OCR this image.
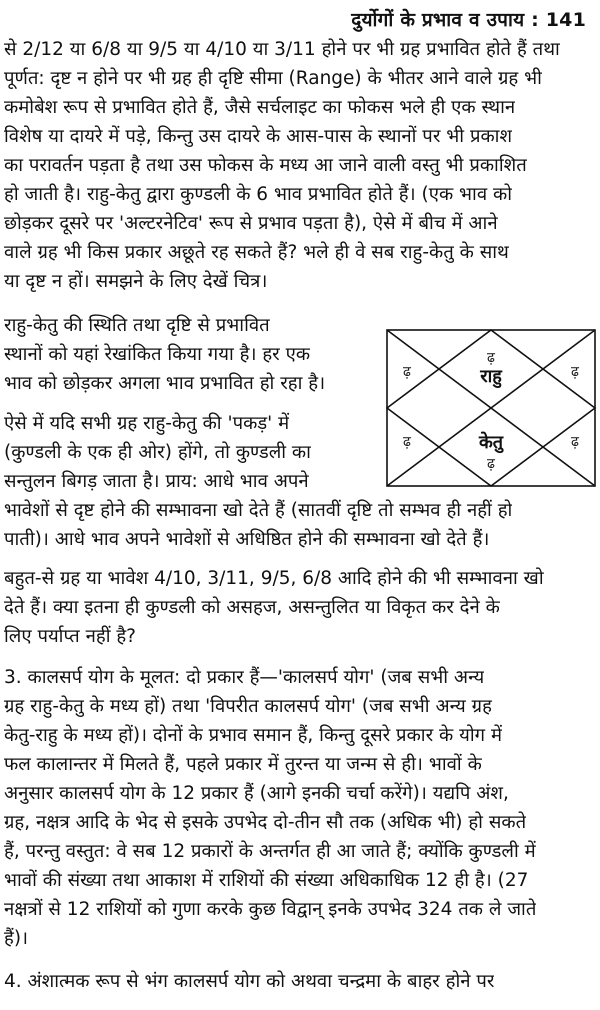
दुर्योगों के प्रभाव व उपाय : 141
से 2/12 या 6/8 या 9/5 या 4/10 या 3/11 होने पर भी ग्रह प्रभावित होते हैं तथा
पूर्णत: दृष्ट न होने पर भी ग्रह ही दृष्टि सीमा (Range) के भीतर आने वाले ग्रह भी
कमोबेश रूप से प्रभावित होते हैं, जैसे सर्चलाइट का फोकस भले ही एक स्थान
विशेष या दायरे में पड़े, किन्तु उस दायरे के आस-पास के स्थानों पर भी प्रकाश
का परावर्तन पड़ता है तथा उस फोकस के मध्य आ जाने वाली वस्तु भी प्रकाशित
हो जाती है। राहु-केतु द्वारा कुण्डली के 6 भाव प्रभावित होते हैं। (एक भाव को
छोड़कर दूसरे पर 'अल्टरनेटिव' रूप से प्रभाव पड़ता है), ऐसे में बीच में आने
वाले ग्रह भी किस प्रकार अछूते रह सकते हैं? भले ही वे सब राहु-केतु के साथ
या दृष्ट न हों। समझने के लिए देखें चित्र।
राहु-केतु की स्थिति तथा दृष्टि से प्रभावित
स्थानों को यहां रेखांकित किया गया है। हर एक
भाव को छोड़कर अगला भाव प्रभावित हो रहा है।
ऐसे में यदि सभी ग्रह राहु-केतु की 'पकड़' में
(कुण्डली के एक ही ओर) होंगे, तो कुण्डली का
सन्तुलन बिगड़ जाता है। प्राय: आधे भाव अपने
भावेशों से दृष्ट होने की सम्भावना खो देते हैं (सातवीं दृष्टि तो सम्भव ही नहीं हो
पाती)। आधे भाव अपने भावेशों से अधिष्ठित होने की सम्भावना खो देते हैं।
बहुत-से ग्रह या भावेश 4/10, 3/11, 9/5, 6/8 आदि होने की भी सम्भावना खो
देते हैं। क्या इतना ही कुण्डली को असहज, असन्तुलित या विकृत कर देने के
लिए पर्याप्त नहीं है?
3. कालसर्प योग के मूलत: दो प्रकार हैं—'कालसर्प योग' (जब सभी अन्य
ग्रह राहु-केतु के मध्य हों) तथा 'विपरीत कालसर्प योग' (जब सभी अन्य ग्रह
केतु-राहु के मध्य हों)। दोनों के प्रभाव समान हैं, किन्तु दूसरे प्रकार के योग में
फल कालान्तर में मिलते हैं, पहले प्रकार में तुरन्त या जन्म से ही। भावों के
अनुसार कालसर्प योग के 12 प्रकार हैं (आगे इनकी चर्चा करेंगे)। यद्यपि अंश,
ग्रह, नक्षत्र आदि के भेद से इसके उपभेद दो-तीन सौ तक (अधिक भी) हो सकते
हैं, परन्तु वस्तुत: वे सब 12 प्रकारों के अन्तर्गत ही आ जाते हैं; क्योंकि कुण्डली में
भावों की संख्या तथा आकाश में राशियों की संख्या अधिकाधिक 12 ही है। (27
नक्षत्रों से 12 राशियों को गुणा करके कुछ विद्वान् इनके उपभेद 324 तक ले जाते
हैं)।
4. अंशात्मक रूप से भंग कालसर्प योग को अथवा चन्द्रमा के बाहर होने पर
ढ़
राहु
ढ़	ढ़
केतु
ढ़
ढ़	ढ़
